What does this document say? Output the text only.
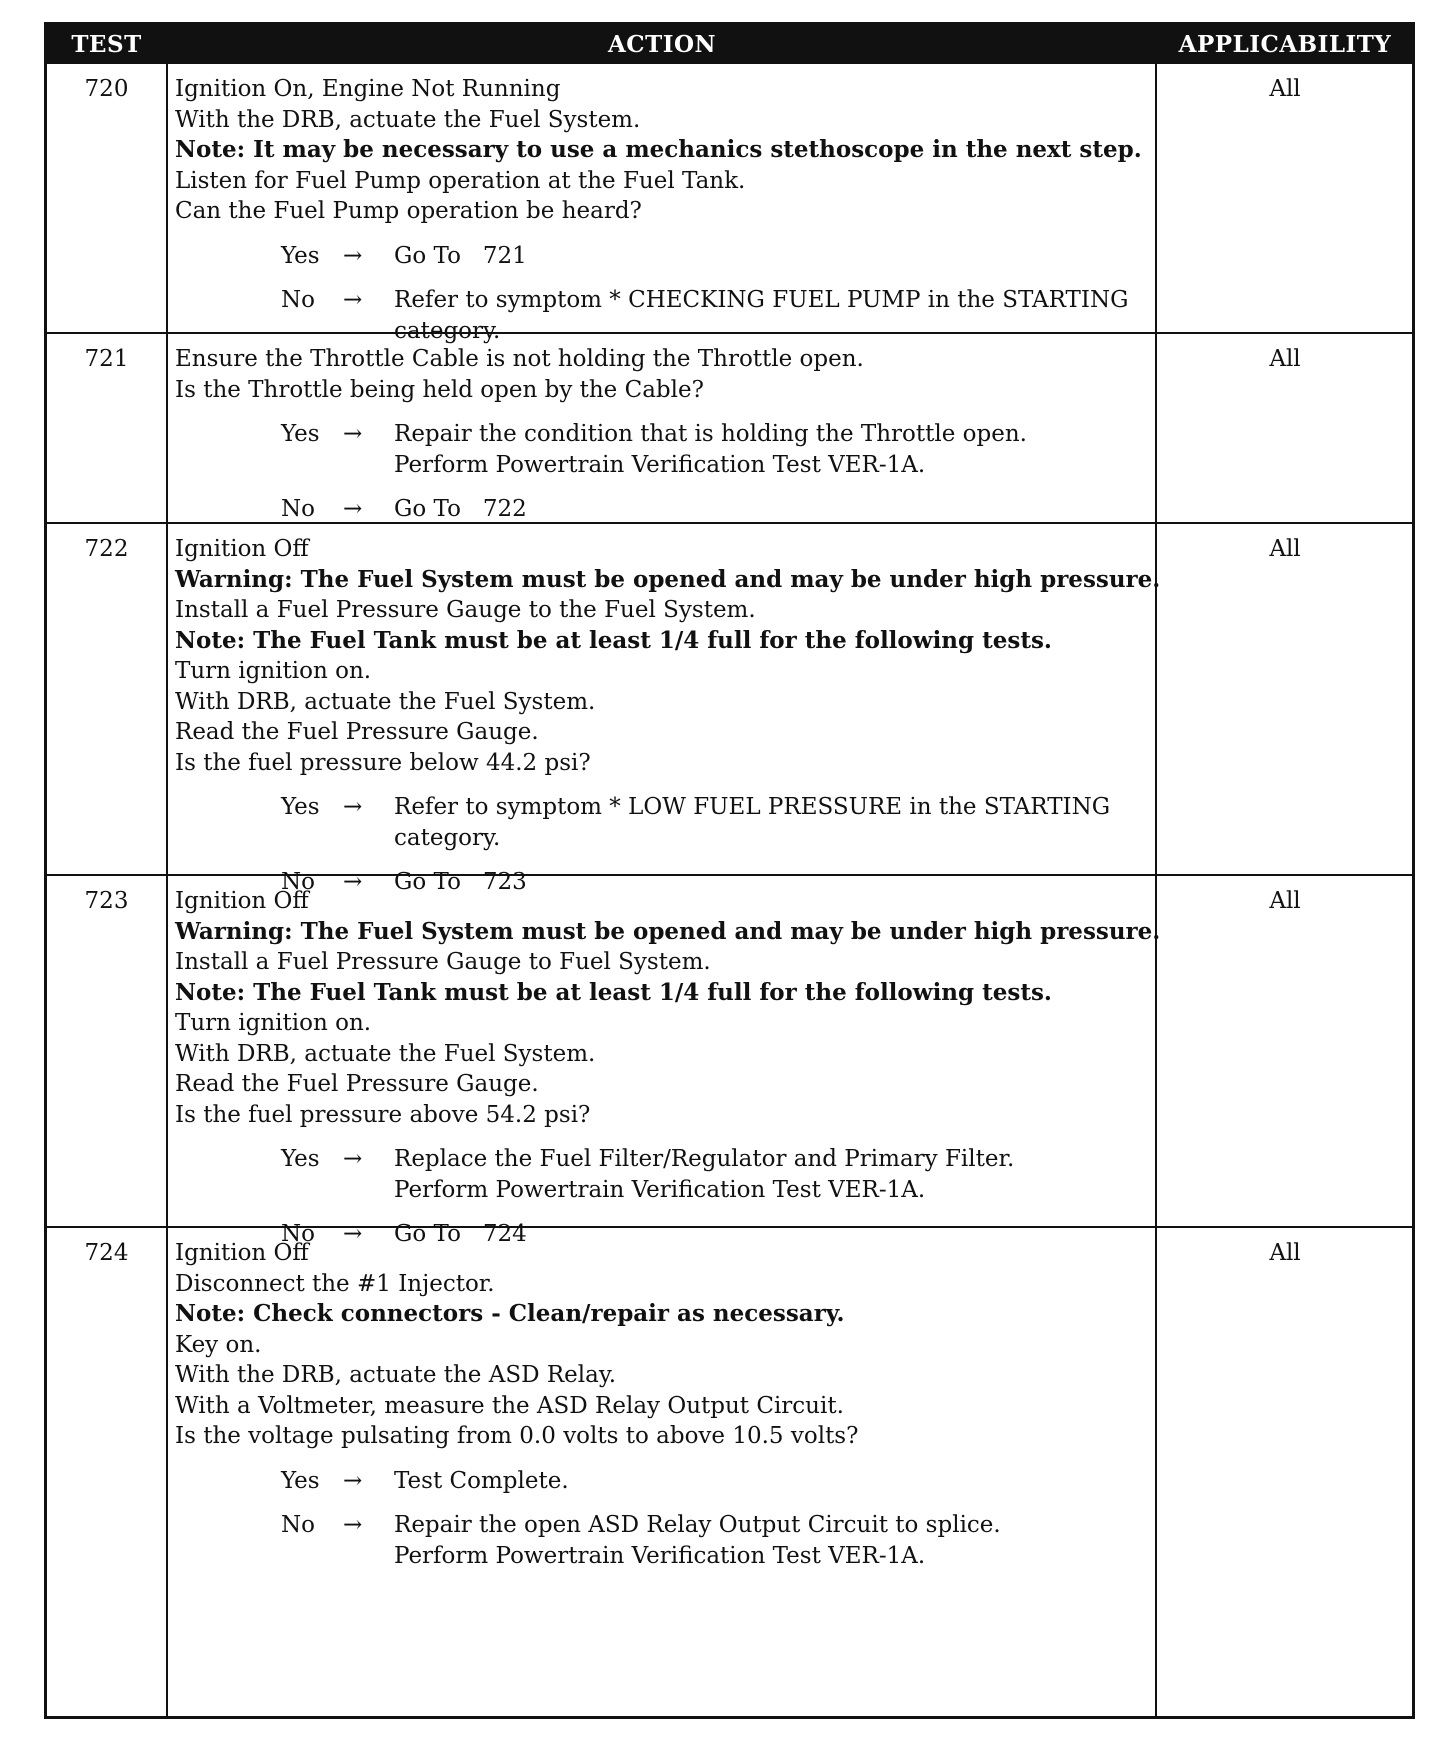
TEST	ACTION	APPLICABILITY
720	Ignition On, Engine Not Running
With the DRB, actuate the Fuel System.
Note: It may be necessary to use a mechanics stethoscope in the next step.
Listen for Fuel Pump operation at the Fuel Tank.
Can the Fuel Pump operation be heard?
Yes → Go To   721
No → Refer to symptom * CHECKING FUEL PUMP in the STARTING
category.
All
721	Ensure the Throttle Cable is not holding the Throttle open.
Is the Throttle being held open by the Cable?
Yes → Repair the condition that is holding the Throttle open.
Perform Powertrain Verification Test VER-1A.
No → Go To   722
All
722	Ignition Off
Warning: The Fuel System must be opened and may be under high pressure.
Install a Fuel Pressure Gauge to the Fuel System.
Note: The Fuel Tank must be at least 1/4 full for the following tests.
Turn ignition on.
With DRB, actuate the Fuel System.
Read the Fuel Pressure Gauge.
Is the fuel pressure below 44.2 psi?
Yes → Refer to symptom * LOW FUEL PRESSURE in the STARTING
category.
No → Go To   723
All
723	Ignition Off
Warning: The Fuel System must be opened and may be under high pressure.
Install a Fuel Pressure Gauge to Fuel System.
Note: The Fuel Tank must be at least 1/4 full for the following tests.
Turn ignition on.
With DRB, actuate the Fuel System.
Read the Fuel Pressure Gauge.
Is the fuel pressure above 54.2 psi?
Yes → Replace the Fuel Filter/Regulator and Primary Filter.
Perform Powertrain Verification Test VER-1A.
No → Go To   724
All
724	Ignition Off
Disconnect the #1 Injector.
Note: Check connectors - Clean/repair as necessary.
Key on.
With the DRB, actuate the ASD Relay.
With a Voltmeter, measure the ASD Relay Output Circuit.
Is the voltage pulsating from 0.0 volts to above 10.5 volts?
Yes → Test Complete.
No → Repair the open ASD Relay Output Circuit to splice.
Perform Powertrain Verification Test VER-1A.
All
